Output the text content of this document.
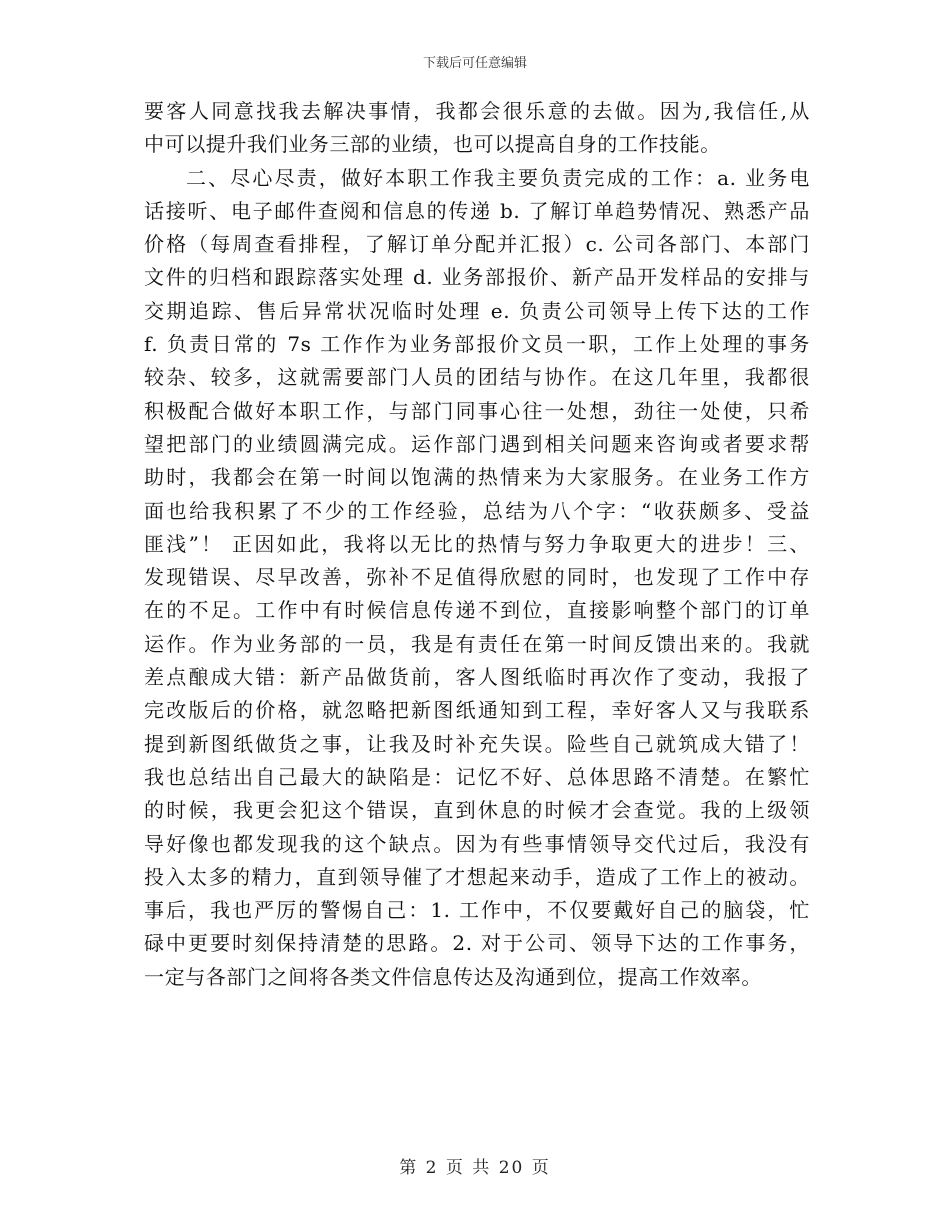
下载后可任意编辑
要客人同意找我去解决事情，我都会很乐意的去做。因为,我信任,从
中可以提升我们业务三部的业绩，也可以提高自身的工作技能。
二、尽心尽责，做好本职工作我主要负责完成的工作：a. 业务电
话接听、电子邮件查阅和信息的传递 b. 了解订单趋势情况、熟悉产品
价格（每周查看排程，了解订单分配并汇报）c. 公司各部门、本部门
文件的归档和跟踪落实处理 d. 业务部报价、新产品开发样品的安排与
交期追踪、售后异常状况临时处理 e. 负责公司领导上传下达的工作
f. 负责日常的 7s 工作作为业务部报价文员一职，工作上处理的事务
较杂、较多，这就需要部门人员的团结与协作。在这几年里，我都很
积极配合做好本职工作，与部门同事心往一处想，劲往一处使，只希
望把部门的业绩圆满完成。运作部门遇到相关问题来咨询或者要求帮
助时，我都会在第一时间以饱满的热情来为大家服务。在业务工作方
面也给我积累了不少的工作经验，总结为八个字：“收获颇多、受益
匪浅”！ 正因如此，我将以无比的热情与努力争取更大的进步！三、
发现错误、尽早改善，弥补不足值得欣慰的同时，也发现了工作中存
在的不足。工作中有时候信息传递不到位，直接影响整个部门的订单
运作。作为业务部的一员，我是有责任在第一时间反馈出来的。我就
差点酿成大错：新产品做货前，客人图纸临时再次作了变动，我报了
完改版后的价格，就忽略把新图纸通知到工程，幸好客人又与我联系
提到新图纸做货之事，让我及时补充失误。险些自己就筑成大错了！
我也总结出自己最大的缺陷是：记忆不好、总体思路不清楚。在繁忙
的时候，我更会犯这个错误，直到休息的时候才会查觉。我的上级领
导好像也都发现我的这个缺点。因为有些事情领导交代过后，我没有
投入太多的精力，直到领导催了才想起来动手，造成了工作上的被动。
事后，我也严厉的警惕自己：1. 工作中，不仅要戴好自己的脑袋，忙
碌中更要时刻保持清楚的思路。2. 对于公司、领导下达的工作事务，
一定与各部门之间将各类文件信息传达及沟通到位，提高工作效率。
第 2 页 共 20 页
